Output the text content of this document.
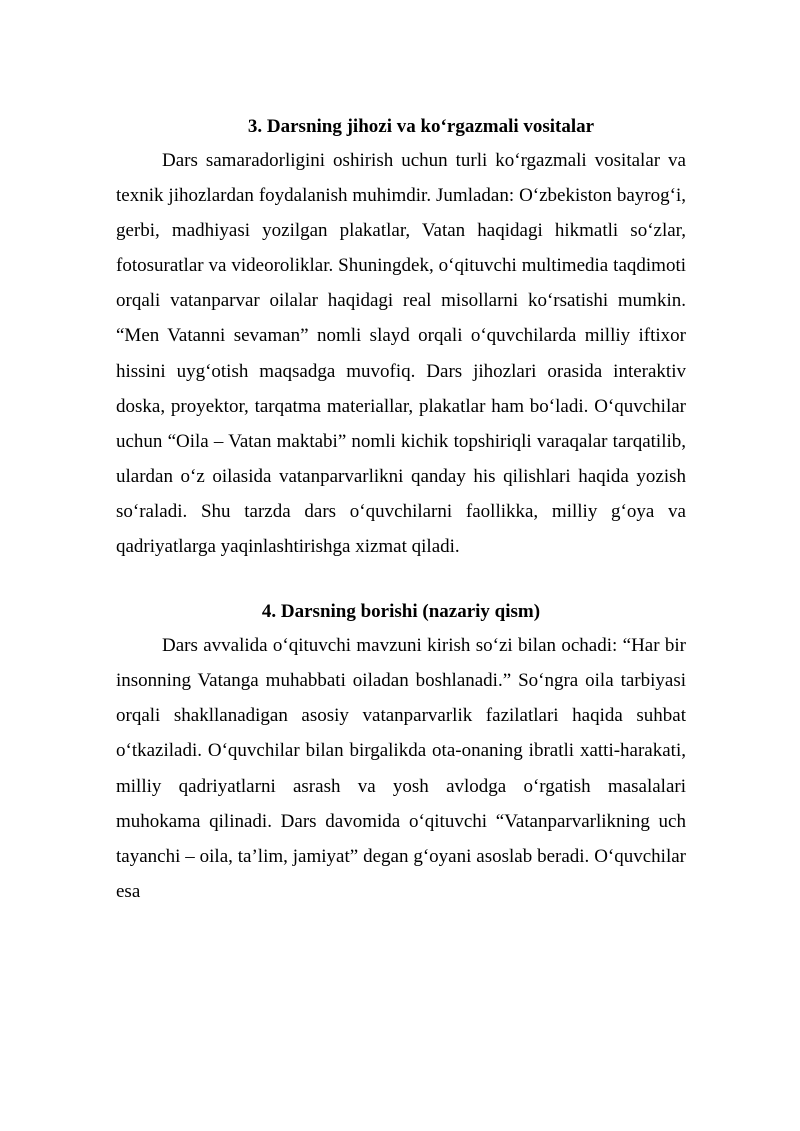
3. Darsning jihozi va ko‘rgazmali vositalar

Dars samaradorligini oshirish uchun turli ko‘rgazmali vositalar va texnik jihozlardan foydalanish muhimdir. Jumladan: O‘zbekiston bayrog‘i, gerbi, madhiyasi yozilgan plakatlar, Vatan haqidagi hikmatli so‘zlar, fotosuratlar va videoroliklar. Shuningdek, o‘qituvchi multimedia taqdimoti orqali vatanparvar oilalar haqidagi real misollarni ko‘rsatishi mumkin. “Men Vatanni sevaman” nomli slayd orqali o‘quvchilarda milliy iftixor hissini uyg‘otish maqsadga muvofiq. Dars jihozlari orasida interaktiv doska, proyektor, tarqatma materiallar, plakatlar ham bo‘ladi. O‘quvchilar uchun “Oila – Vatan maktabi” nomli kichik topshiriqli varaqalar tarqatilib, ulardan o‘z oilasida vatanparvarlikni qanday his qilishlari haqida yozish so‘raladi. Shu tarzda dars o‘quvchilarni faollikka, milliy g‘oya va qadriyatlarga yaqinlashtirishga xizmat qiladi.

4. Darsning borishi (nazariy qism)

Dars avvalida o‘qituvchi mavzuni kirish so‘zi bilan ochadi: “Har bir insonning Vatanga muhabbati oiladan boshlanadi.” So‘ngra oila tarbiyasi orqali shakllanadigan asosiy vatanparvarlik fazilatlari haqida suhbat o‘tkaziladi. O‘quvchilar bilan birgalikda ota-onaning ibratli xatti-harakati, milliy qadriyatlarni asrash va yosh avlodga o‘rgatish masalalari muhokama qilinadi. Dars davomida o‘qituvchi “Vatanparvarlikning uch tayanchi – oila, ta’lim, jamiyat” degan g‘oyani asoslab beradi. O‘quvchilar esa
